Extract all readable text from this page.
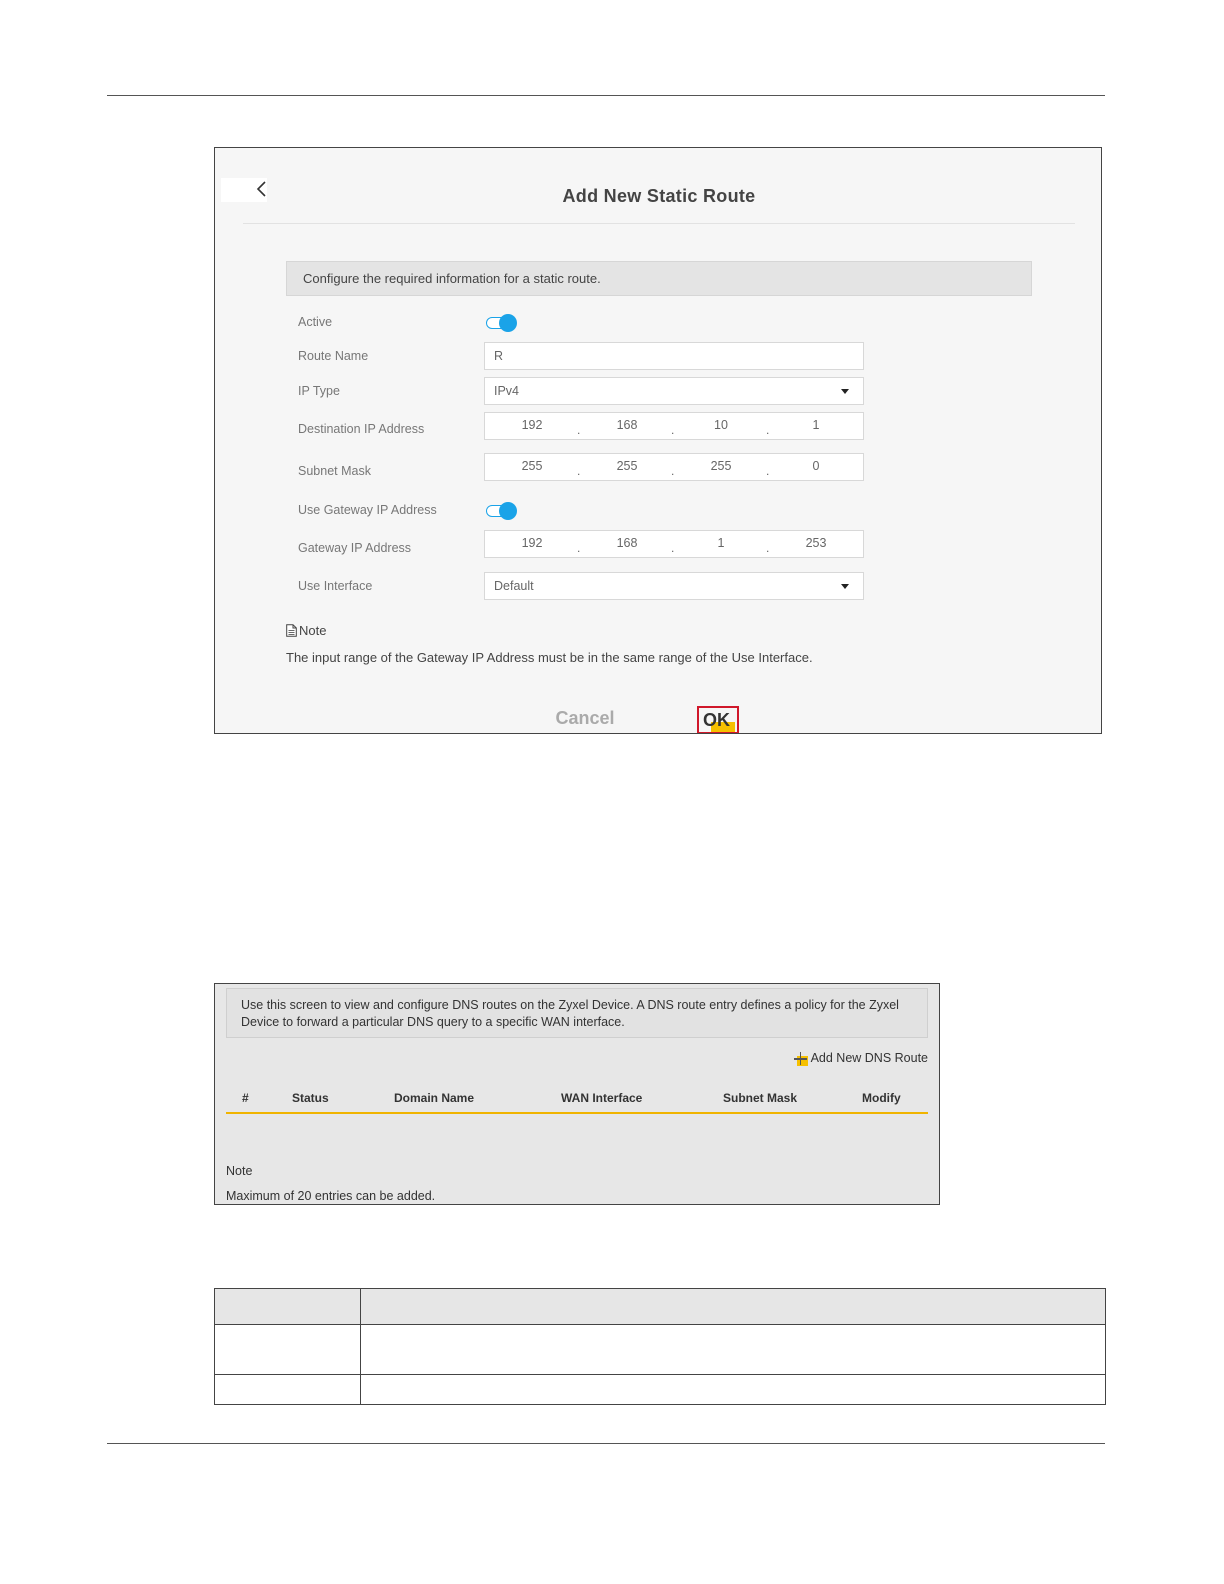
Add New Static Route
Configure the required information for a static route.
Active
Route Name	R
IP Type	IPv4
Destination IP Address	192	.	168	.	10	.	1
Subnet Mask	255	.	255	.	255	.	0
Use Gateway IP Address
Gateway IP Address	192	.	168	.	1	.	253
Use Interface	Default
Note
The input range of the Gateway IP Address must be in the same range of the Use Interface.
Cancel	OK
Use this screen to view and configure DNS routes on the Zyxel Device. A DNS route entry defines a policy for the Zyxel Device to forward a particular DNS query to a specific WAN interface.
Add New DNS Route
#	Status	Domain Name	WAN Interface	Subnet Mask	Modify
Note
Maximum of 20 entries can be added.
